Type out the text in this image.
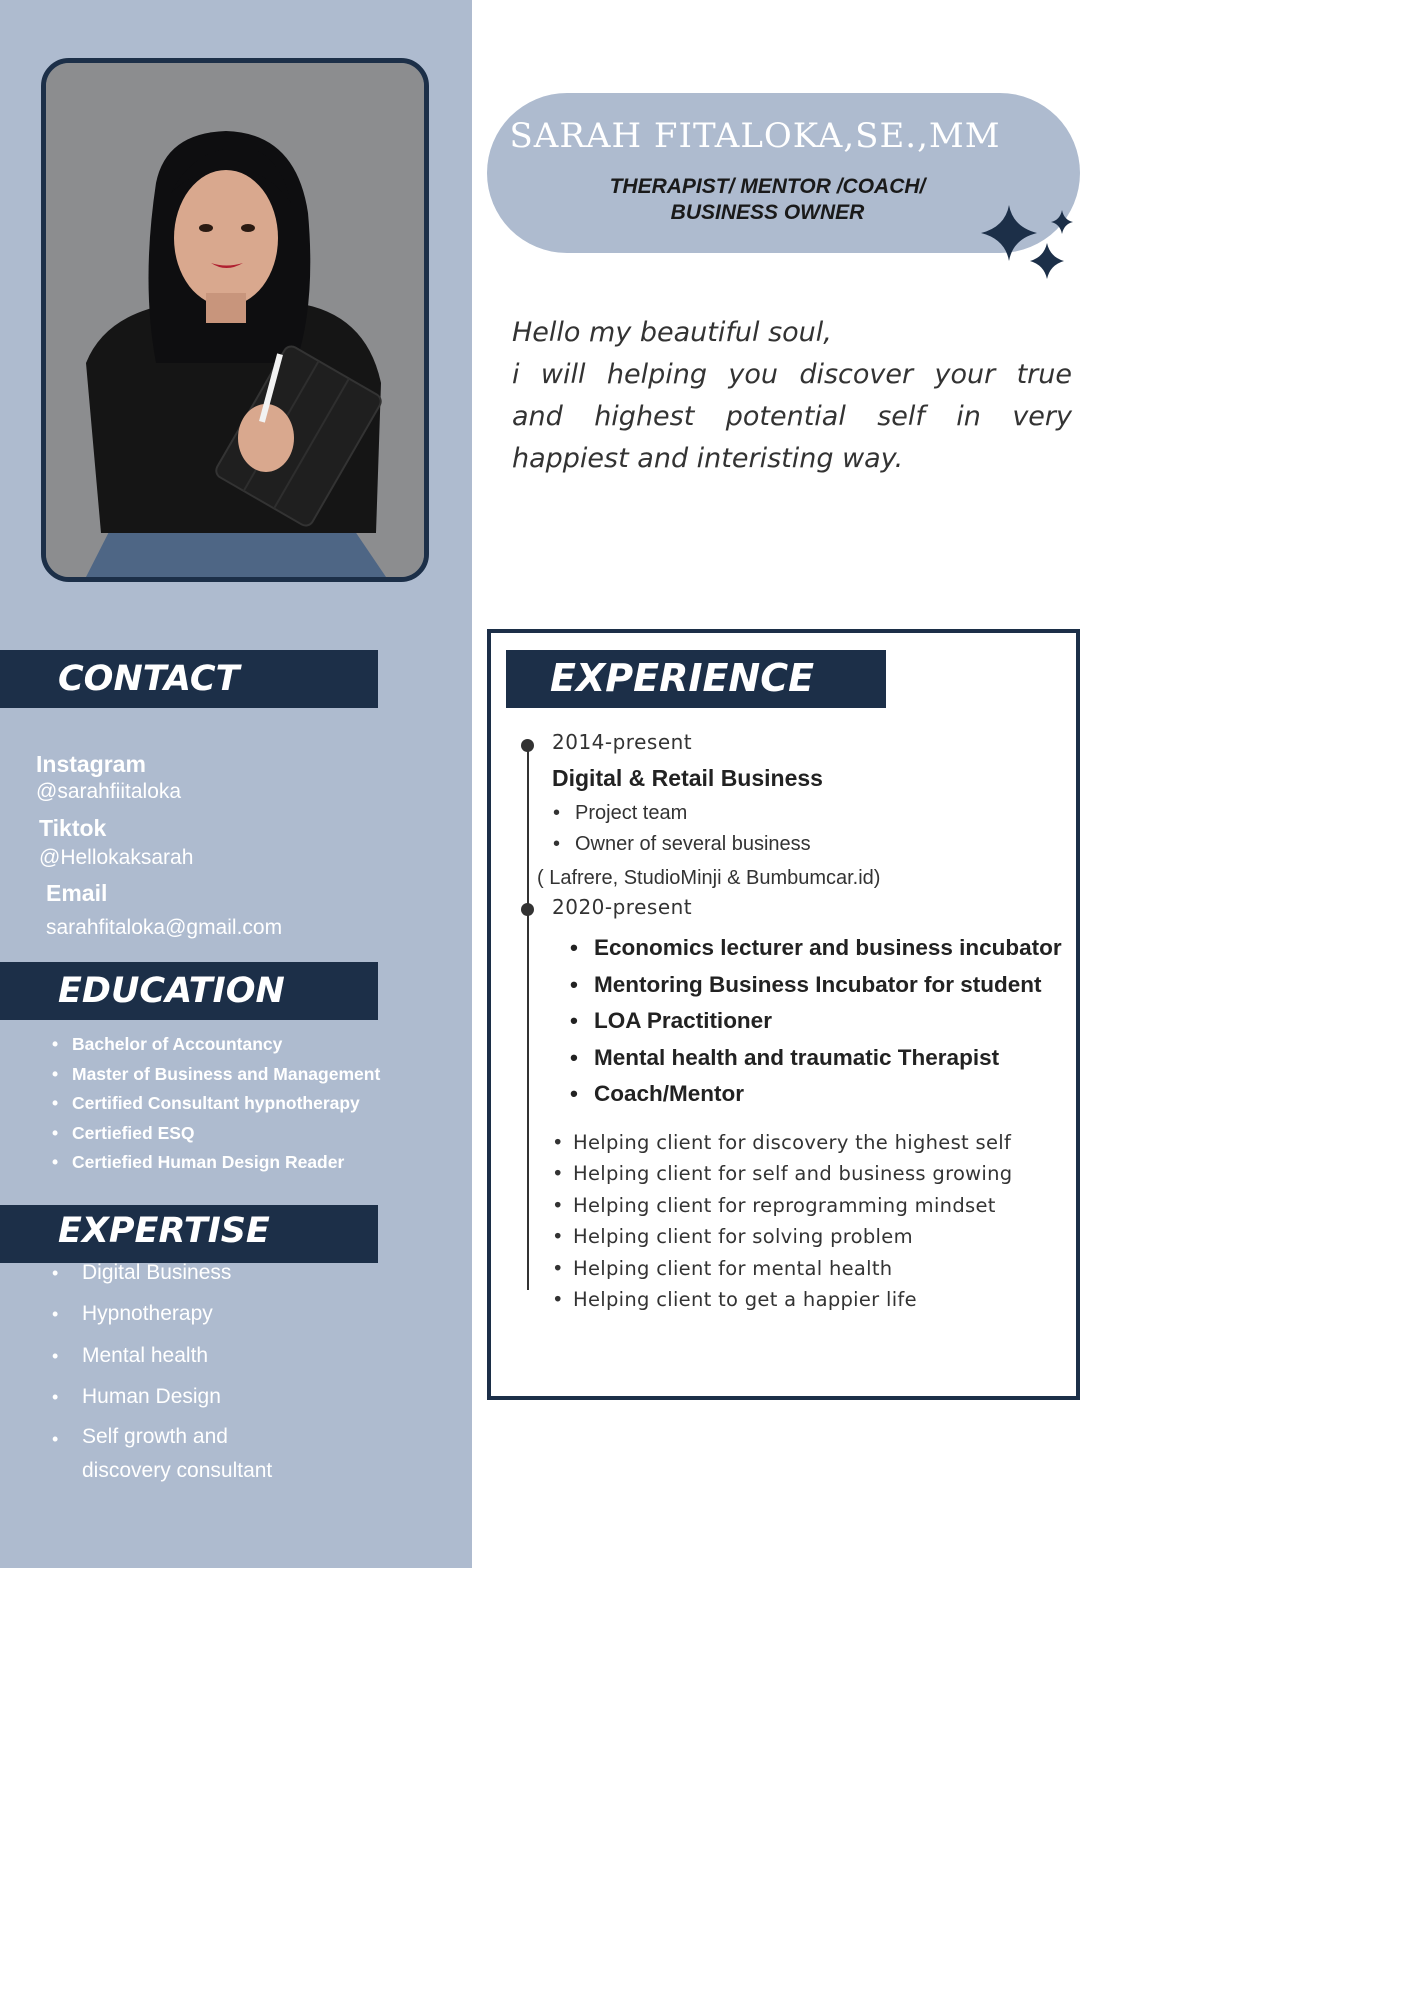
SARAH FITALOKA,SE.,MM
THERAPIST/ MENTOR /COACH/
BUSINESS OWNER
Hello my beautiful soul,
i will helping you discover your true
and highest potential self in very
happiest and interisting way.
CONTACT
Instagram
@sarahfiitaloka
Tiktok
@Hellokaksarah
Email
sarahfitaloka@gmail.com
EDUCATION
• Bachelor of Accountancy
• Master of Business and Management
• Certified Consultant hypnotherapy
• Certiefied ESQ
• Certiefied Human Design Reader
EXPERTISE
• Digital Business
• Hypnotherapy
• Mental health
• Human Design
• Self growth and discovery consultant
EXPERIENCE
2014-present
Digital & Retail Business
• Project team
• Owner of several business
( Lafrere, StudioMinji & Bumbumcar.id)
2020-present
• Economics lecturer and business incubator
• Mentoring Business Incubator for student
• LOA Practitioner
• Mental health and traumatic Therapist
• Coach/Mentor
• Helping client for discovery the highest self
• Helping client for self and business growing
• Helping client for reprogramming mindset
• Helping client for solving problem
• Helping client for mental health
• Helping client to get a happier life
